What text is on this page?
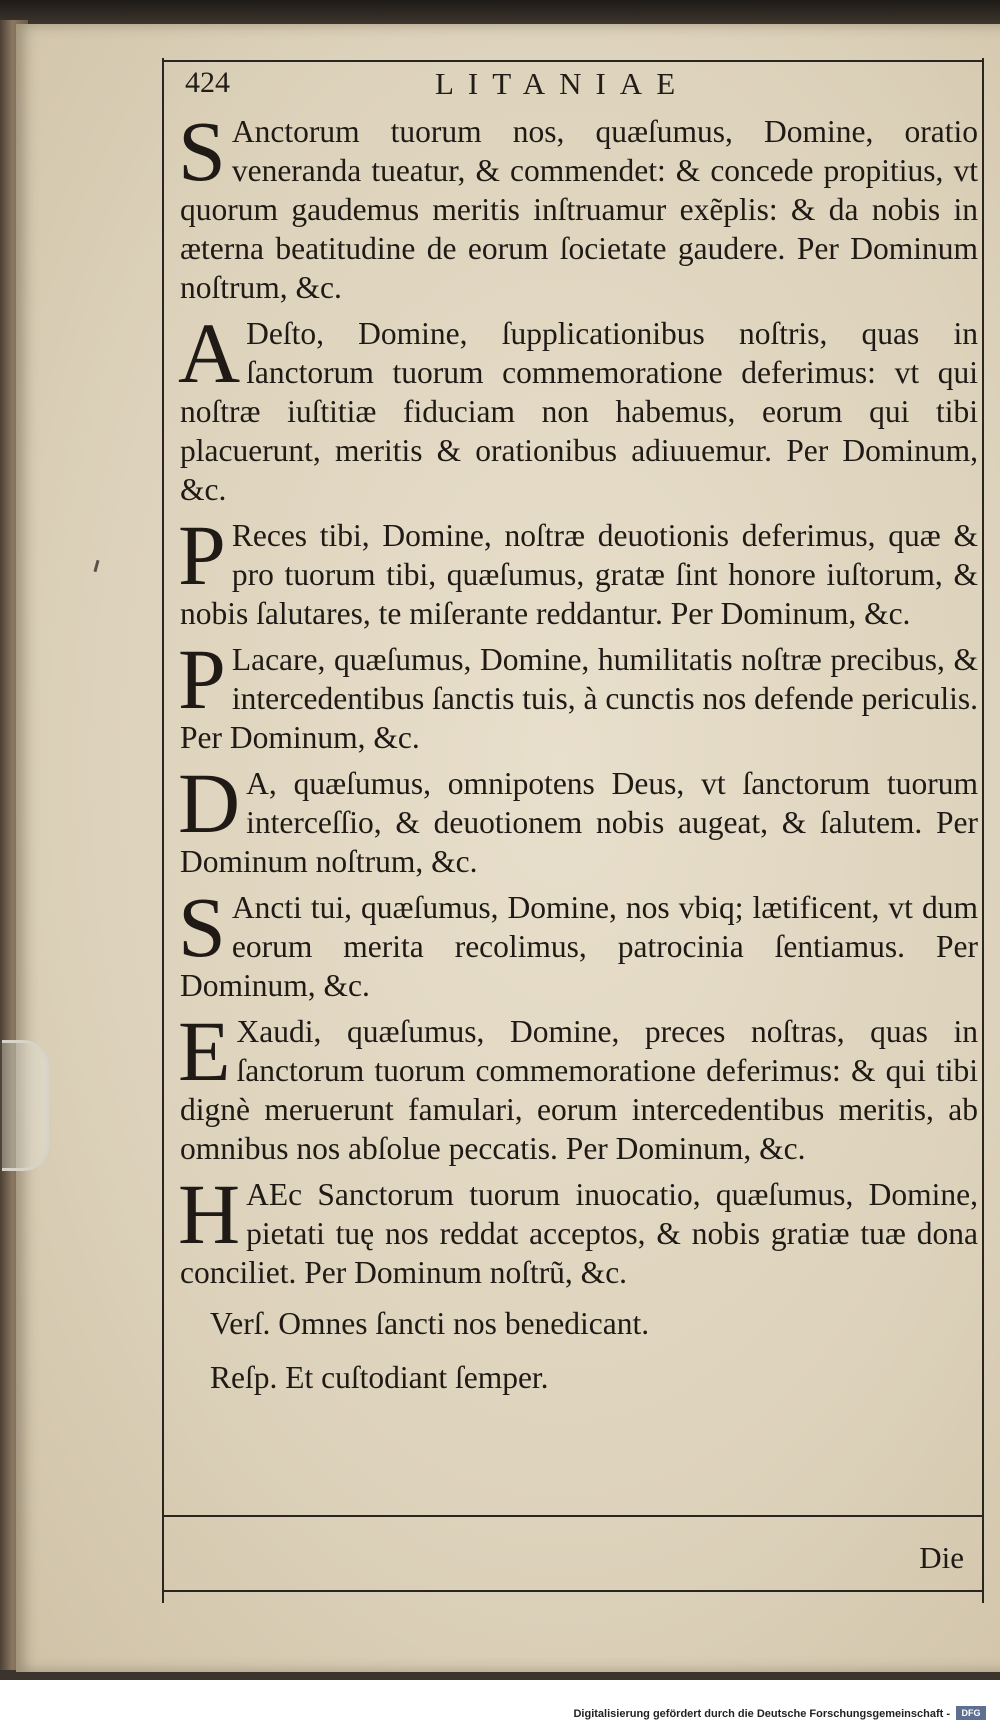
424	LITANIAE

S Anctorum tuorum nos, quæſumus, Domine, oratio veneranda tueatur, & commendet: & concede propitius, vt quorum gaudemus meritis inſtruamur exẽplis: & da nobis in æterna beatitudine de eorum ſocietate gaudere. Per Dominum noſtrum, &c.

A Deſto, Domine, ſupplicationibus noſtris, quas in ſanctorum tuorum commemoratione deferimus: vt qui noſtræ iuſtitiæ fiduciam non habemus, eorum qui tibi placuerunt, meritis & orationibus adiuuemur. Per Dominum, &c.

P Reces tibi, Domine, noſtræ deuotionis deferimus, quæ & pro tuorum tibi, quæſumus, gratæ ſint honore iuſtorum, & nobis ſalutares, te miſerante reddantur. Per Dominum, &c.

P Lacare, quæſumus, Domine, humilitatis noſtræ precibus, & intercedentibus ſanctis tuis, à cunctis nos defende periculis. Per Dominum, &c.

D A, quæſumus, omnipotens Deus, vt ſanctorum tuorum interceſſio, & deuotionem nobis augeat, & ſalutem. Per Dominum noſtrum, &c.

S Ancti tui, quæſumus, Domine, nos vbiq; lætificent, vt dum eorum merita recolimus, patrocinia ſentiamus. Per Dominum, &c.

E Xaudi, quæſumus, Domine, preces noſtras, quas in ſanctorum tuorum commemoratione deferimus: & qui tibi dignè meruerunt famulari, eorum intercedentibus meritis, ab omnibus nos abſolue peccatis. Per Dominum, &c.

H AEc Sanctorum tuorum inuocatio, quæſumus, Domine, pietati tuę nos reddat acceptos, & nobis gratiæ tuæ dona conciliet. Per Dominum noſtrũ, &c.

Verſ. Omnes ſancti nos benedicant.
Reſp. Et cuſtodiant ſemper.
Die
Digitalisierung gefördert durch die Deutsche Forschungsgemeinschaft -	DFG
